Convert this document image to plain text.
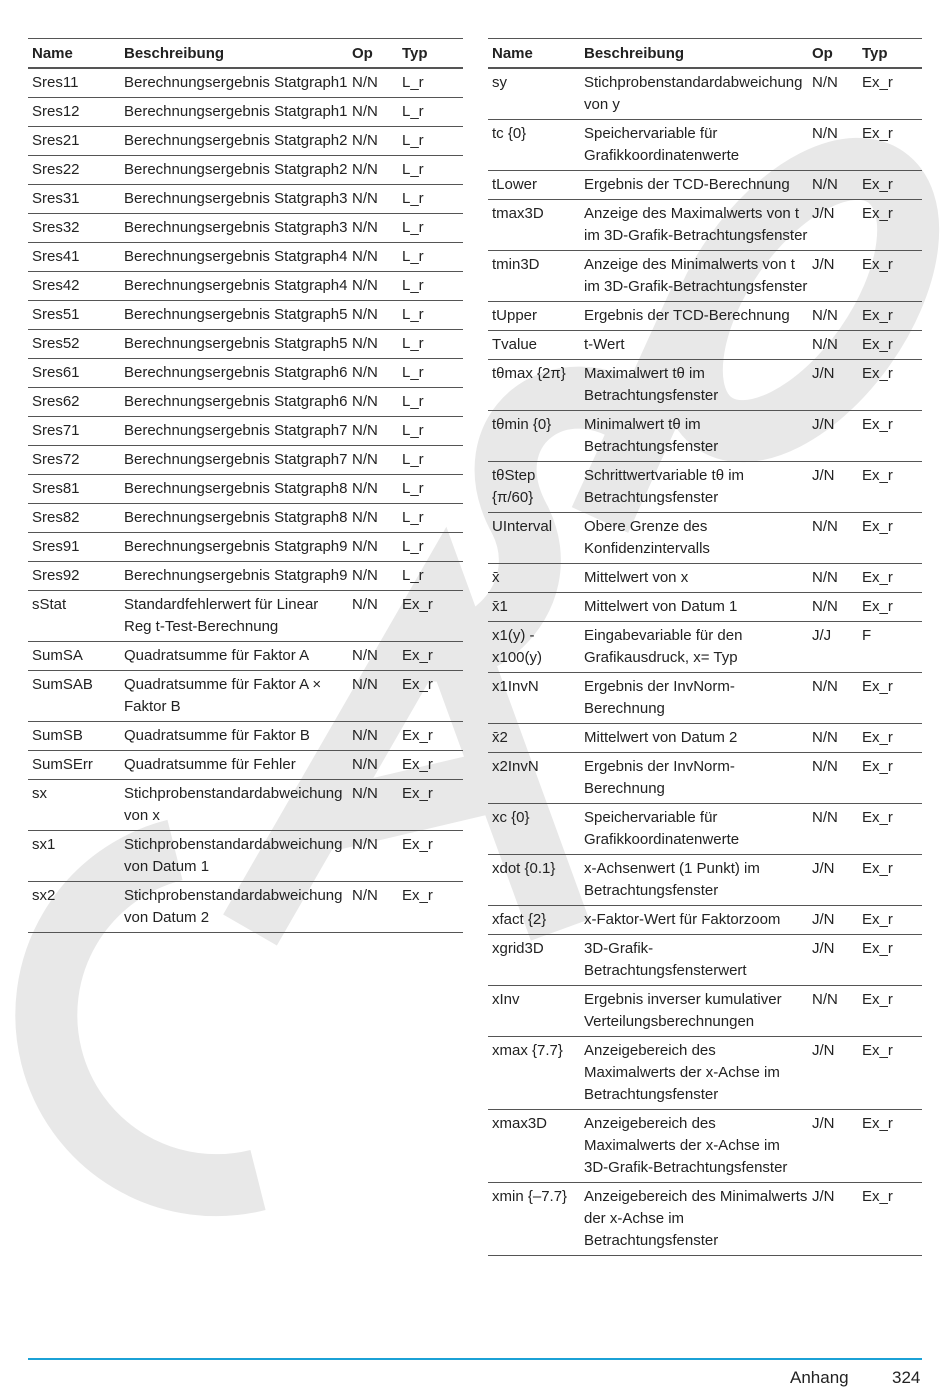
Name	Beschreibung	Op	Typ
Sres11	Berechnungsergebnis Statgraph1	N/N	L_r
Sres12	Berechnungsergebnis Statgraph1	N/N	L_r
Sres21	Berechnungsergebnis Statgraph2	N/N	L_r
Sres22	Berechnungsergebnis Statgraph2	N/N	L_r
Sres31	Berechnungsergebnis Statgraph3	N/N	L_r
Sres32	Berechnungsergebnis Statgraph3	N/N	L_r
Sres41	Berechnungsergebnis Statgraph4	N/N	L_r
Sres42	Berechnungsergebnis Statgraph4	N/N	L_r
Sres51	Berechnungsergebnis Statgraph5	N/N	L_r
Sres52	Berechnungsergebnis Statgraph5	N/N	L_r
Sres61	Berechnungsergebnis Statgraph6	N/N	L_r
Sres62	Berechnungsergebnis Statgraph6	N/N	L_r
Sres71	Berechnungsergebnis Statgraph7	N/N	L_r
Sres72	Berechnungsergebnis Statgraph7	N/N	L_r
Sres81	Berechnungsergebnis Statgraph8	N/N	L_r
Sres82	Berechnungsergebnis Statgraph8	N/N	L_r
Sres91	Berechnungsergebnis Statgraph9	N/N	L_r
Sres92	Berechnungsergebnis Statgraph9	N/N	L_r
sStat	Standardfehlerwert für Linear Reg t-Test-Berechnung	N/N	Ex_r
SumSA	Quadratsumme für Faktor A	N/N	Ex_r
SumSAB	Quadratsumme für Faktor A × Faktor B	N/N	Ex_r
SumSB	Quadratsumme für Faktor B	N/N	Ex_r
SumSErr	Quadratsumme für Fehler	N/N	Ex_r
sx	Stichprobenstandardabweichung von x	N/N	Ex_r
sx1	Stichprobenstandardabweichung von Datum 1	N/N	Ex_r
sx2	Stichprobenstandardabweichung von Datum 2	N/N	Ex_r
Name	Beschreibung	Op	Typ
sy	Stichprobenstandardabweichung von y	N/N	Ex_r
tc {0}	Speichervariable für Grafikkoordinatenwerte	N/N	Ex_r
tLower	Ergebnis der TCD-Berechnung	N/N	Ex_r
tmax3D	Anzeige des Maximalwerts von t im 3D-Grafik-Betrachtungsfenster	J/N	Ex_r
tmin3D	Anzeige des Minimalwerts von t im 3D-Grafik-Betrachtungsfenster	J/N	Ex_r
tUpper	Ergebnis der TCD-Berechnung	N/N	Ex_r
Tvalue	t-Wert	N/N	Ex_r
tθmax {2π}	Maximalwert tθ im Betrachtungsfenster	J/N	Ex_r
tθmin {0}	Minimalwert tθ im Betrachtungsfenster	J/N	Ex_r
tθStep {π/60}	Schrittwertvariable tθ im Betrachtungsfenster	J/N	Ex_r
UInterval	Obere Grenze des Konfidenzintervalls	N/N	Ex_r
x̄	Mittelwert von x	N/N	Ex_r
x̄1	Mittelwert von Datum 1	N/N	Ex_r
x1(y) - x100(y)	Eingabevariable für den Grafikausdruck, x= Typ	J/J	F
x1InvN	Ergebnis der InvNorm-Berechnung	N/N	Ex_r
x̄2	Mittelwert von Datum 2	N/N	Ex_r
x2InvN	Ergebnis der InvNorm-Berechnung	N/N	Ex_r
xc {0}	Speichervariable für Grafikkoordinatenwerte	N/N	Ex_r
xdot {0.1}	x-Achsenwert (1 Punkt) im Betrachtungsfenster	J/N	Ex_r
xfact {2}	x-Faktor-Wert für Faktorzoom	J/N	Ex_r
xgrid3D	3D-Grafik-Betrachtungsfensterwert	J/N	Ex_r
xInv	Ergebnis inverser kumulativer Verteilungsberechnungen	N/N	Ex_r
xmax {7.7}	Anzeigebereich des Maximalwerts der x-Achse im Betrachtungsfenster	J/N	Ex_r
xmax3D	Anzeigebereich des Maximalwerts der x-Achse im 3D-Grafik-Betrachtungsfenster	J/N	Ex_r
xmin {–7.7}	Anzeigebereich des Minimalwerts der x-Achse im Betrachtungsfenster	J/N	Ex_r
Anhang	324
